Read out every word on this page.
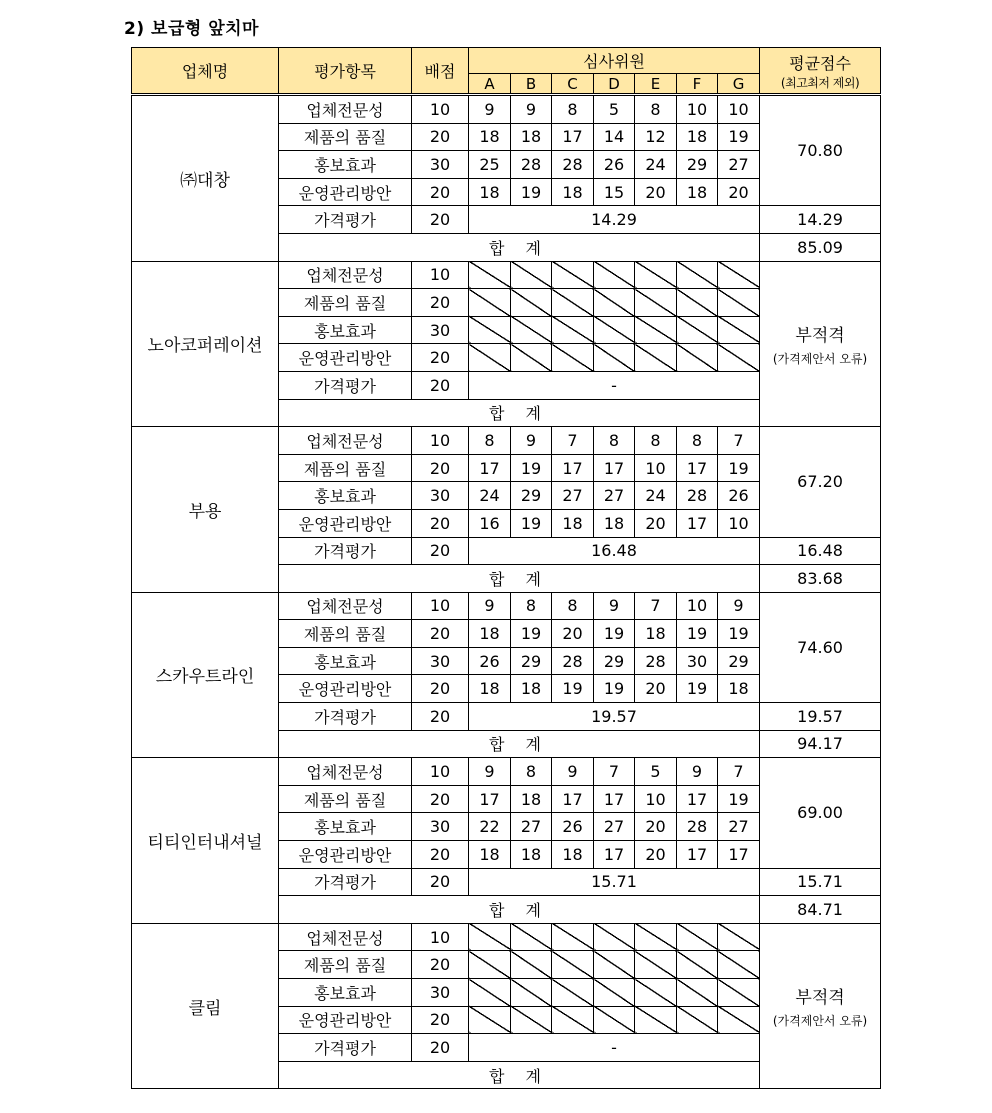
2) 보급형 앞치마
업체명	평가항목	배점	심사위원							평균점수
(최고최저 제외)

			A	B	C	D	E	F	G	
㈜대창	업체전문성	10	9	9	8	5	8	10	10	70.80
	제품의 품질	20	18	18	17	14	12	18	19	
	홍보효과	30	25	28	28	26	24	29	27	
	운영관리방안	20	18	19	18	15	20	18	20	
	가격평가	20	14.29							14.29
	합 계									85.09
노아코퍼레이션	업체전문성	10								부적격
(가격제안서 오류)

	제품의 품질	20								
	홍보효과	30								
	운영관리방안	20								
	가격평가	20	-							
	합 계									
부용	업체전문성	10	8	9	7	8	8	8	7	67.20
	제품의 품질	20	17	19	17	17	10	17	19	
	홍보효과	30	24	29	27	27	24	28	26	
	운영관리방안	20	16	19	18	18	20	17	10	
	가격평가	20	16.48							16.48
	합 계									83.68
스카우트라인	업체전문성	10	9	8	8	9	7	10	9	74.60
	제품의 품질	20	18	19	20	19	18	19	19	
	홍보효과	30	26	29	28	29	28	30	29	
	운영관리방안	20	18	18	19	19	20	19	18	
	가격평가	20	19.57							19.57
	합 계									94.17
티티인터내셔널	업체전문성	10	9	8	9	7	5	9	7	69.00
	제품의 품질	20	17	18	17	17	10	17	19	
	홍보효과	30	22	27	26	27	20	28	27	
	운영관리방안	20	18	18	18	17	20	17	17	
	가격평가	20	15.71							15.71
	합 계									84.71
클림	업체전문성	10								부적격
(가격제안서 오류)

	제품의 품질	20								
	홍보효과	30								
	운영관리방안	20								
	가격평가	20	-							
	합 계									
